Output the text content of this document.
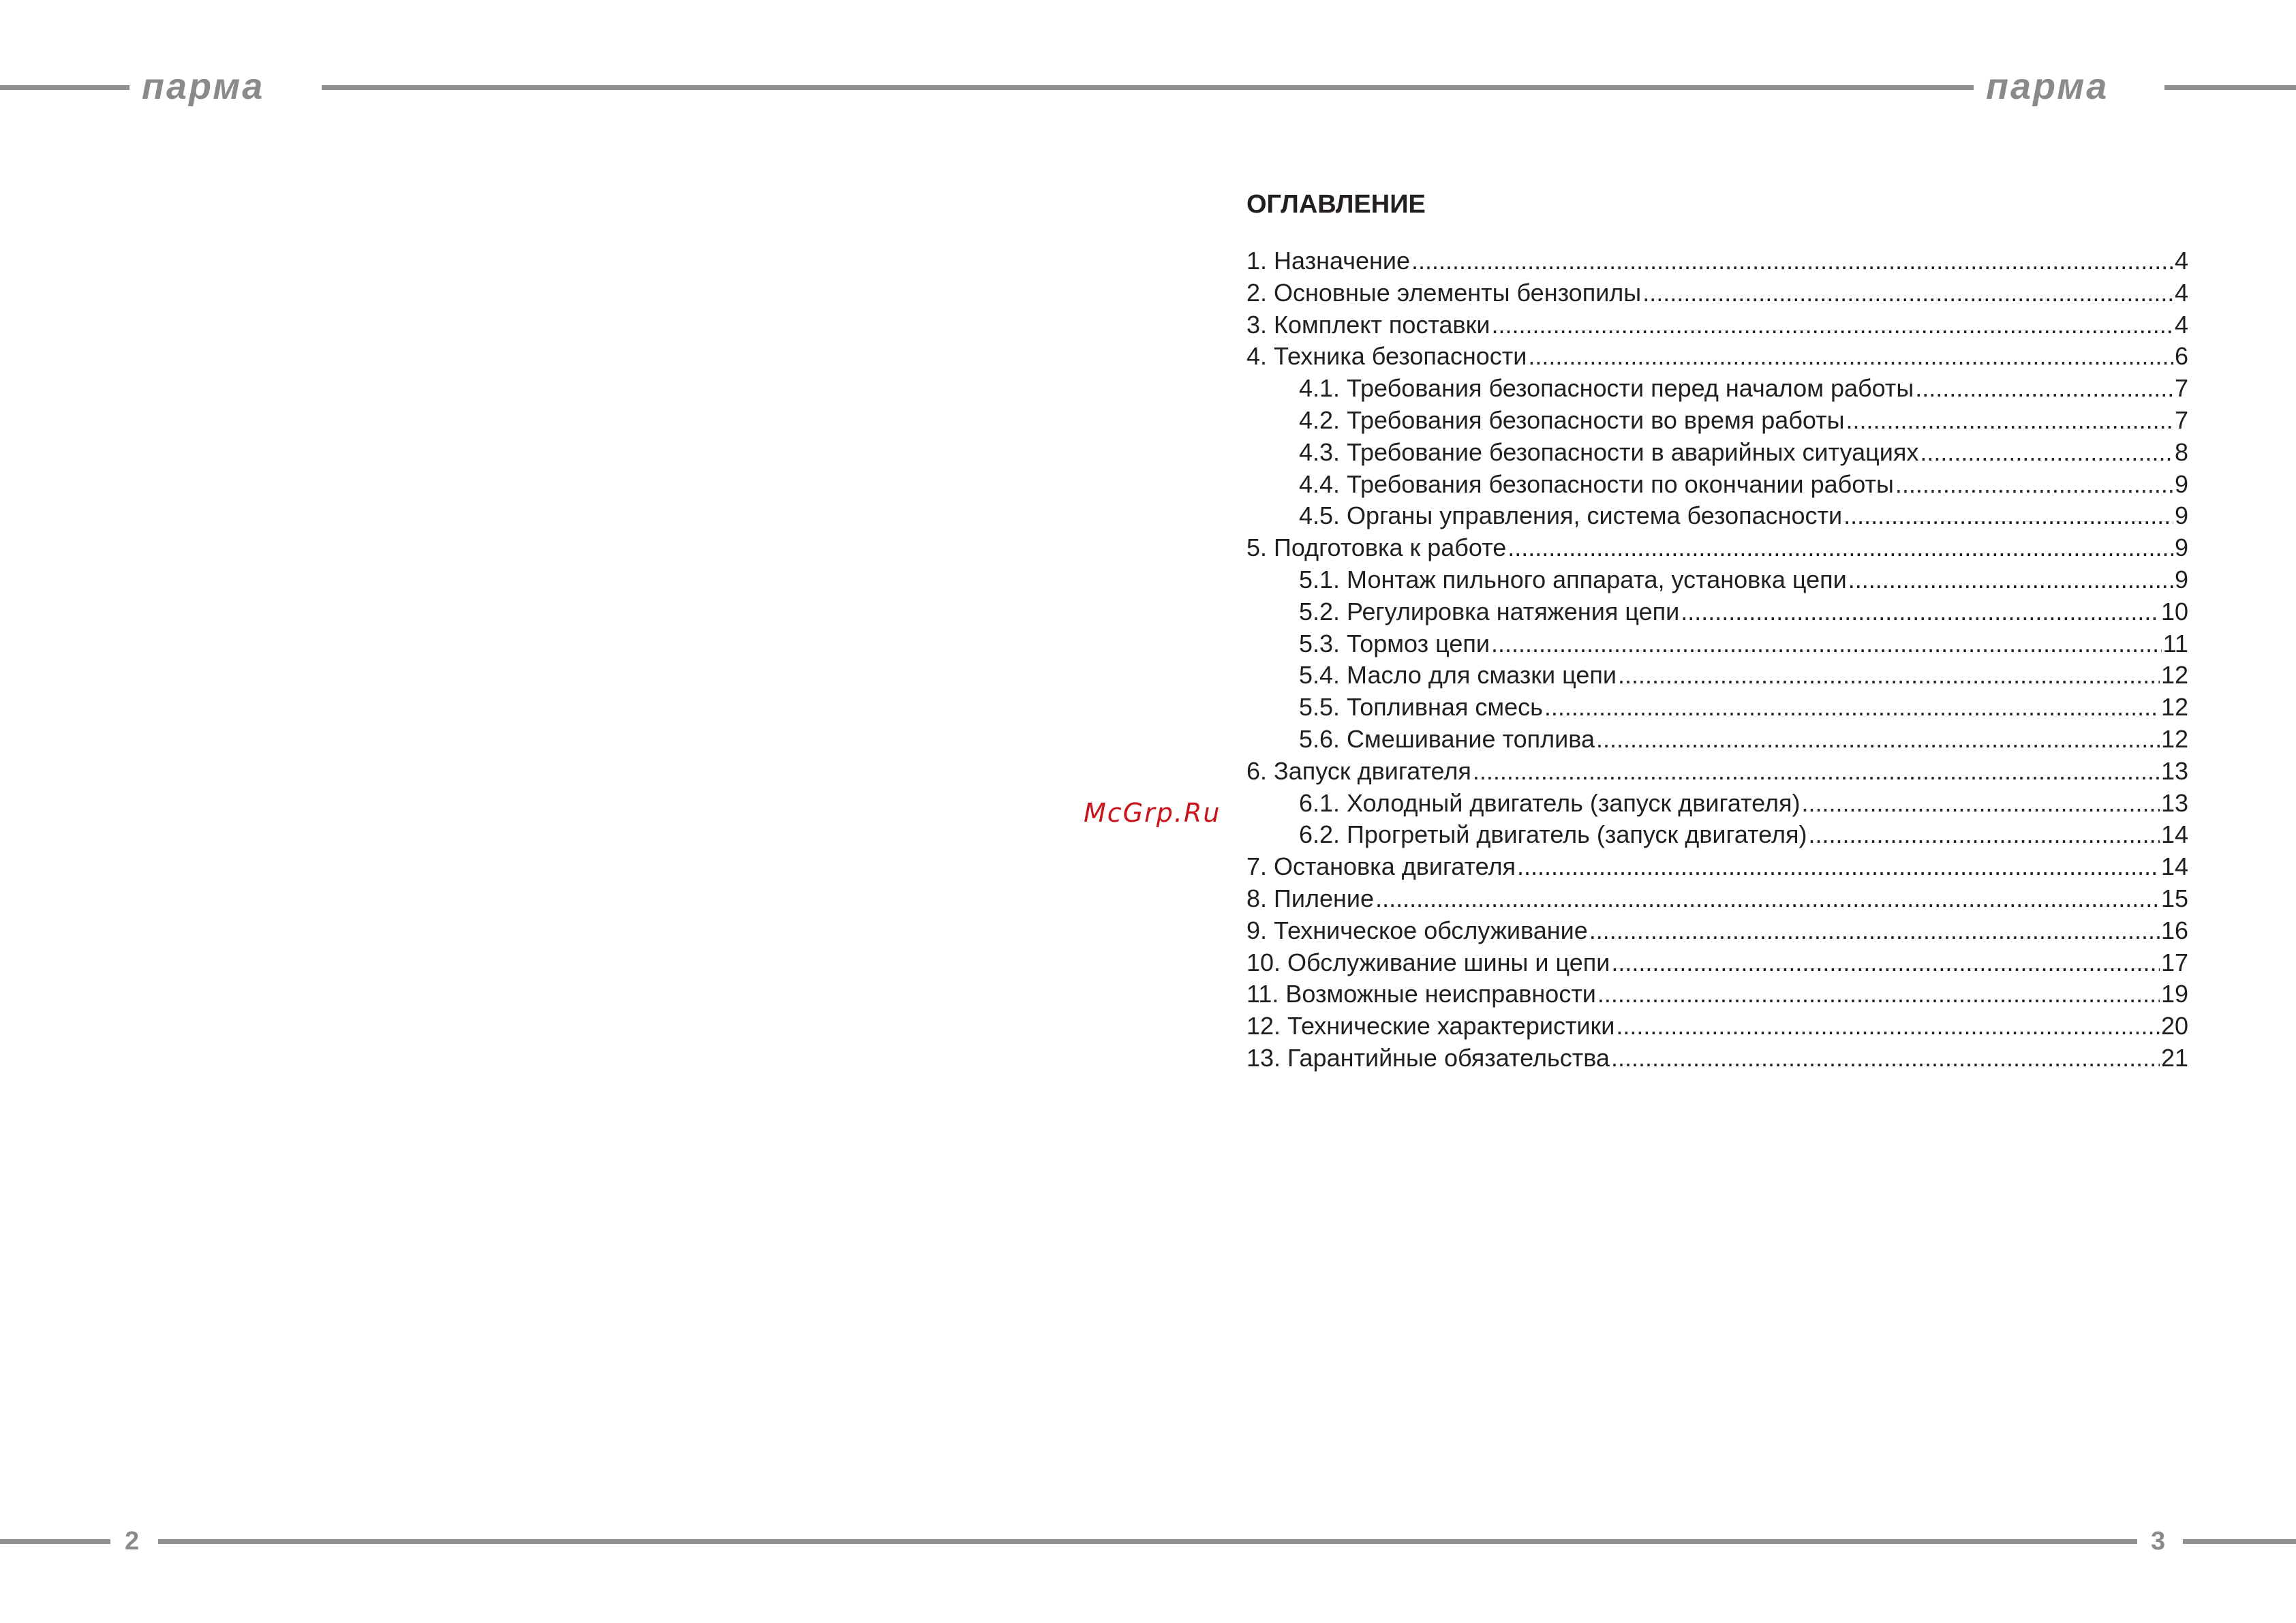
парма	парма
McGrp.Ru
ОГЛАВЛЕНИЕ
1. Назначение .....	4
2. Основные элементы бензопилы .....	4
3. Комплект поставки .....	4
4. Техника безопасности .....	6
4.1. Требования безопасности перед началом работы .....	7
4.2. Требования безопасности во время работы .....	7
4.3. Требование безопасности в аварийных ситуациях .....	8
4.4. Требования безопасности по окончании работы .....	9
4.5. Органы управления, система безопасности .....	9
5. Подготовка к работе .....	9
5.1. Монтаж пильного аппарата, установка цепи .....	9
5.2. Регулировка натяжения цепи .....	10
5.3. Тормоз цепи .....	11
5.4. Масло для смазки цепи .....	12
5.5. Топливная смесь .....	12
5.6. Смешивание топлива .....	12
6. Запуск двигателя .....	13
6.1. Холодный двигатель (запуск двигателя) .....	13
6.2. Прогретый двигатель (запуск двигателя) .....	14
7. Остановка двигателя .....	14
8. Пиление .....	15
9. Техническое обслуживание .....	16
10. Обслуживание шины и цепи .....	17
11. Возможные неисправности .....	19
12. Технические характеристики .....	20
13. Гарантийные обязательства .....	21
2	3
